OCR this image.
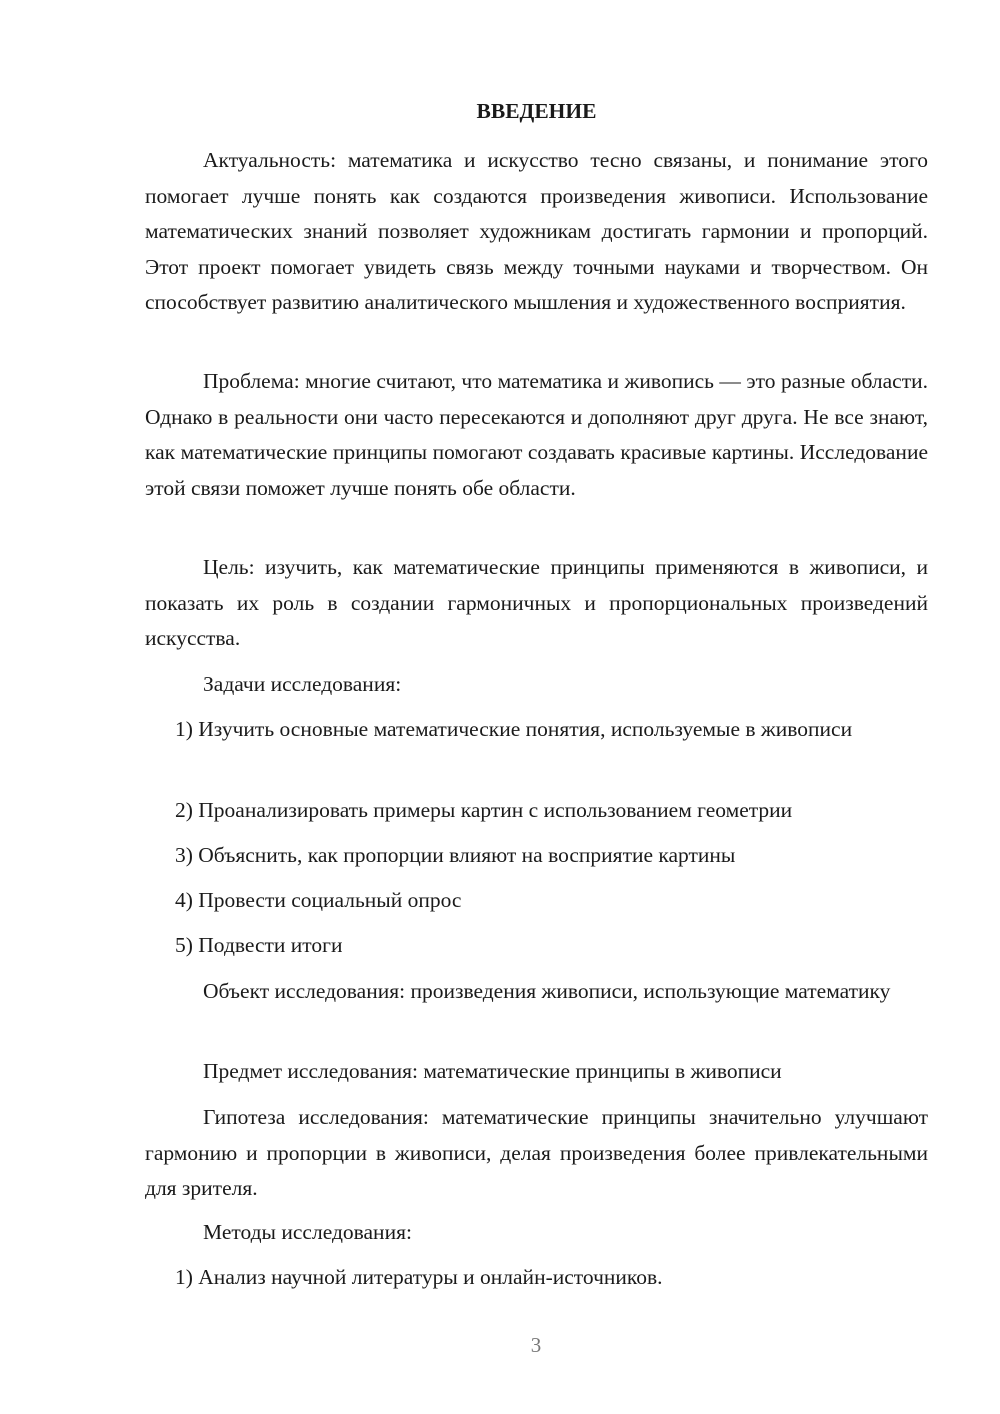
ВВЕДЕНИЕ

Актуальность: математика и искусство тесно связаны, и понимание этого помогает лучше понять как создаются произведения живописи. Использование математических знаний позволяет художникам достигать гармонии и пропорций. Этот проект помогает увидеть связь между точными науками и творчеством. Он способствует развитию аналитического мышления и художественного восприятия.

Проблема: многие считают, что математика и живопись — это разные области. Однако в реальности они часто пересекаются и дополняют друг друга. Не все знают, как математические принципы помогают создавать красивые картины. Исследование этой связи поможет лучше понять обе области.

Цель: изучить, как математические принципы применяются в живописи, и показать их роль в создании гармоничных и пропорциональных произведений искусства.

Задачи исследования:

1) Изучить основные математические понятия, используемые в живописи

2) Проанализировать примеры картин с использованием геометрии

3) Объяснить, как пропорции влияют на восприятие картины

4) Провести социальный опрос

5) Подвести итоги

Объект исследования: произведения живописи, использующие математику

Предмет исследования: математические принципы в живописи

Гипотеза исследования: математические принципы значительно улучшают гармонию и пропорции в живописи, делая произведения более привлекательными для зрителя.

Методы исследования:

1) Анализ научной литературы и онлайн-источников.

3
